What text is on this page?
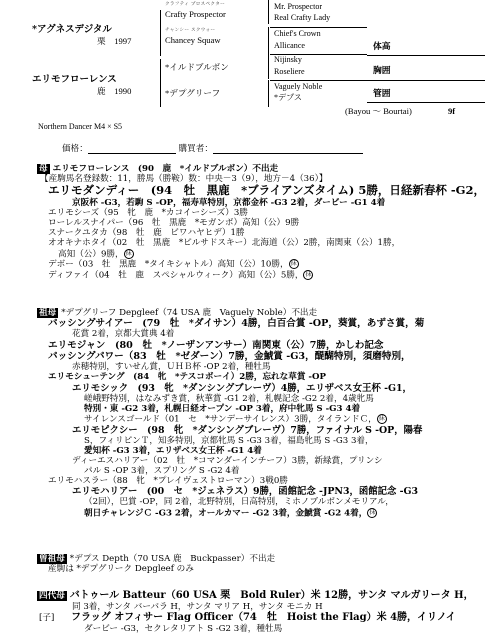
*アグネスデジタル
栗　1997
エリモフローレンス
鹿　1990
クラフティ プロスペクター
Crafty Prospector
チャンシー スクウォー
Chancey Squaw
*イルドブルボン
*デプグリーフ
Mr. Prospector
Real Crafty Lady
Chief's Crown
Allicance
Nijinsky
Roseliere
Vaguely Noble
*デプス
体高
胸囲
管囲
(Bayou ～ Bourtai)	9f
Northern Dancer M4 × S5
価格：	購買者：
母 エリモフローレンス　(90　鹿　*イルドブルボン）不出走
【産駒馬名登録数：11，勝馬（勝鞍）数：中央－3（9），地方－4（36）】
エリモダンディー　(94　牡　黒鹿　*ブライアンズタイム) 5勝，日経新春杯 -G2，
京阪杯 -G3，若駒 S -OP，福寿草特別，京都金杯 -G3 2着，ダービー -G1 4着
エリモシーズ（95　牝　鹿　*カコイーシーズ）3勝
ローレルスナイパー（96　牡　黒鹿　*モガンボ）高知（公）9勝
スナークユタカ（98　牡　鹿　ビワハヤヒデ）1勝
オオキナホタイ（02　牡　黒鹿　*ピルサドスキー）北海道（公）2勝，南関東（公）1勝，
高知（公）9勝， 抹
デボー（03　牡　黒鹿　*タイキシャトル）高知（公）10勝， 抹
ディファイ（04　牡　鹿　スペシャルウィーク）高知（公）5勝， 抹
祖母 *デプグリーフ Depgleef（74 USA 鹿　Vaguely Noble）不出走
パッシングサイアー　(79　牡　*ダイサン）4勝，白百合賞 -OP，葵賞，あずさ賞，菊
花賞 2着，京都大賞典 4着
エリモジャン　(80　牡　*ノーザンアンサー）南関東（公）7勝，かしわ記念
パッシングパワー（83　牡　*ゼダーン）7勝，金鯱賞 -G3，醍醐特別，須磨特別，
赤穂特別，すいせん賞，ＵＨＢ杯 -OP 2着，種牡馬
エリモシューテング　(84　牝　*テスコボーイ）2勝，忘れな草賞 -OP
エリモシック　(93　牝　*ダンシングブレーヴ）4勝，エリザベス女王杯 -G1，
嵯峨野特別，はなみずき賞，秋華賞 -G1 2着，札幌記念 -G2 2着，4歳牝馬
特別・東 -G2 3着，札幌日経オープン -OP 3着，府中牝馬 S -G3 4着
サイレンスゴールド（01　セ　*サンデーサイレンス）3勝，タイランドＣ， 抹
エリモピクシー　(98　牝　*ダンシングブレーヴ）7勝，ファイナル S -OP，陽春
S，フィリピンＴ，知多特別，京都牝馬 S -G3 3着，福島牝馬 S -G3 3着，
愛知杯 -G3 3着，エリザベス女王杯 -G1 4着
ディーエスハリアー（02　牡　*コマンダーインチーフ）3勝，新緑賞，プリンシ
パル S -OP 3着，スプリング S -G2 4着
エリモハスラー（88　牝　*プレイヴェストローマン）3戦0勝
エリモハリアー　(00　セ　*ジェネラス）9勝，函館記念 -JPN3，函館記念 -G3
（2回），巴賞 -OP，同 2着，北野特別，日高特別，ミホノブルボンメモリアル，
朝日チャレンジＣ -G3 2着，オールカマー -G2 3着，金鯱賞 -G2 4着， 抹
曽祖母 *デプス Depth（70 USA 鹿　Buckpasser）不出走
産駒は *デプグリーク Depgleef のみ
四代母 バトゥール Batteur（60 USA 栗　Bold Ruler）米 12勝，サンタ マルガリータ H，
同 3着，サンタ バーバラ H，サンタ マリア H，サンタ モニカ H
[子] フラッグ オフィサー Flag Officer（74　牡　Hoist the Flag）米 4勝，イリノイ
ダービー -G3，セクレタリアト S -G2 3着，種牡馬
